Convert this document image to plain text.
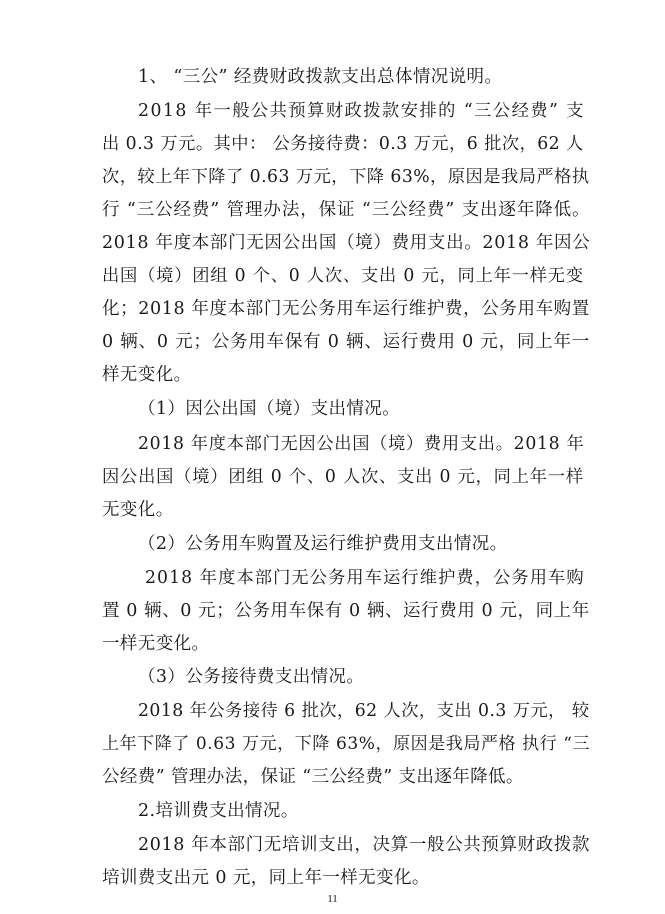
1、 “三公” 经费财政拨款支出总体情况说明。
2018 年一般公共预算财政拨款安排的 “三公经费” 支
出 0.3 万元。其中： 公务接待费：0.3 万元，6 批次，62 人
次，较上年下降了 0.63 万元，下降 63%，原因是我局严格执
行 “三公经费” 管理办法，保证 “三公经费” 支出逐年降低。
2018 年度本部门无因公出国（境）费用支出。2018 年因公
出国（境）团组 0 个、0 人次、支出 0 元，同上年一样无变
化；2018 年度本部门无公务用车运行维护费，公务用车购置
0 辆、0 元；公务用车保有 0 辆、运行费用 0 元，同上年一
样无变化。
（1）因公出国（境）支出情况。
2018 年度本部门无因公出国（境）费用支出。2018 年
因公出国（境）团组 0 个、0 人次、支出 0 元，同上年一样
无变化。
（2）公务用车购置及运行维护费用支出情况。
2018 年度本部门无公务用车运行维护费，公务用车购
置 0 辆、0 元；公务用车保有 0 辆、运行费用 0 元，同上年
一样无变化。
（3）公务接待费支出情况。
2018 年公务接待 6 批次，62 人次，支出 0.3 万元， 较
上年下降了 0.63 万元，下降 63%，原因是我局严格 执行 “三
公经费” 管理办法，保证 “三公经费” 支出逐年降低。
2.培训费支出情况。
2018 年本部门无培训支出，决算一般公共预算财政拨款
培训费支出元 0 元，同上年一样无变化。
11
